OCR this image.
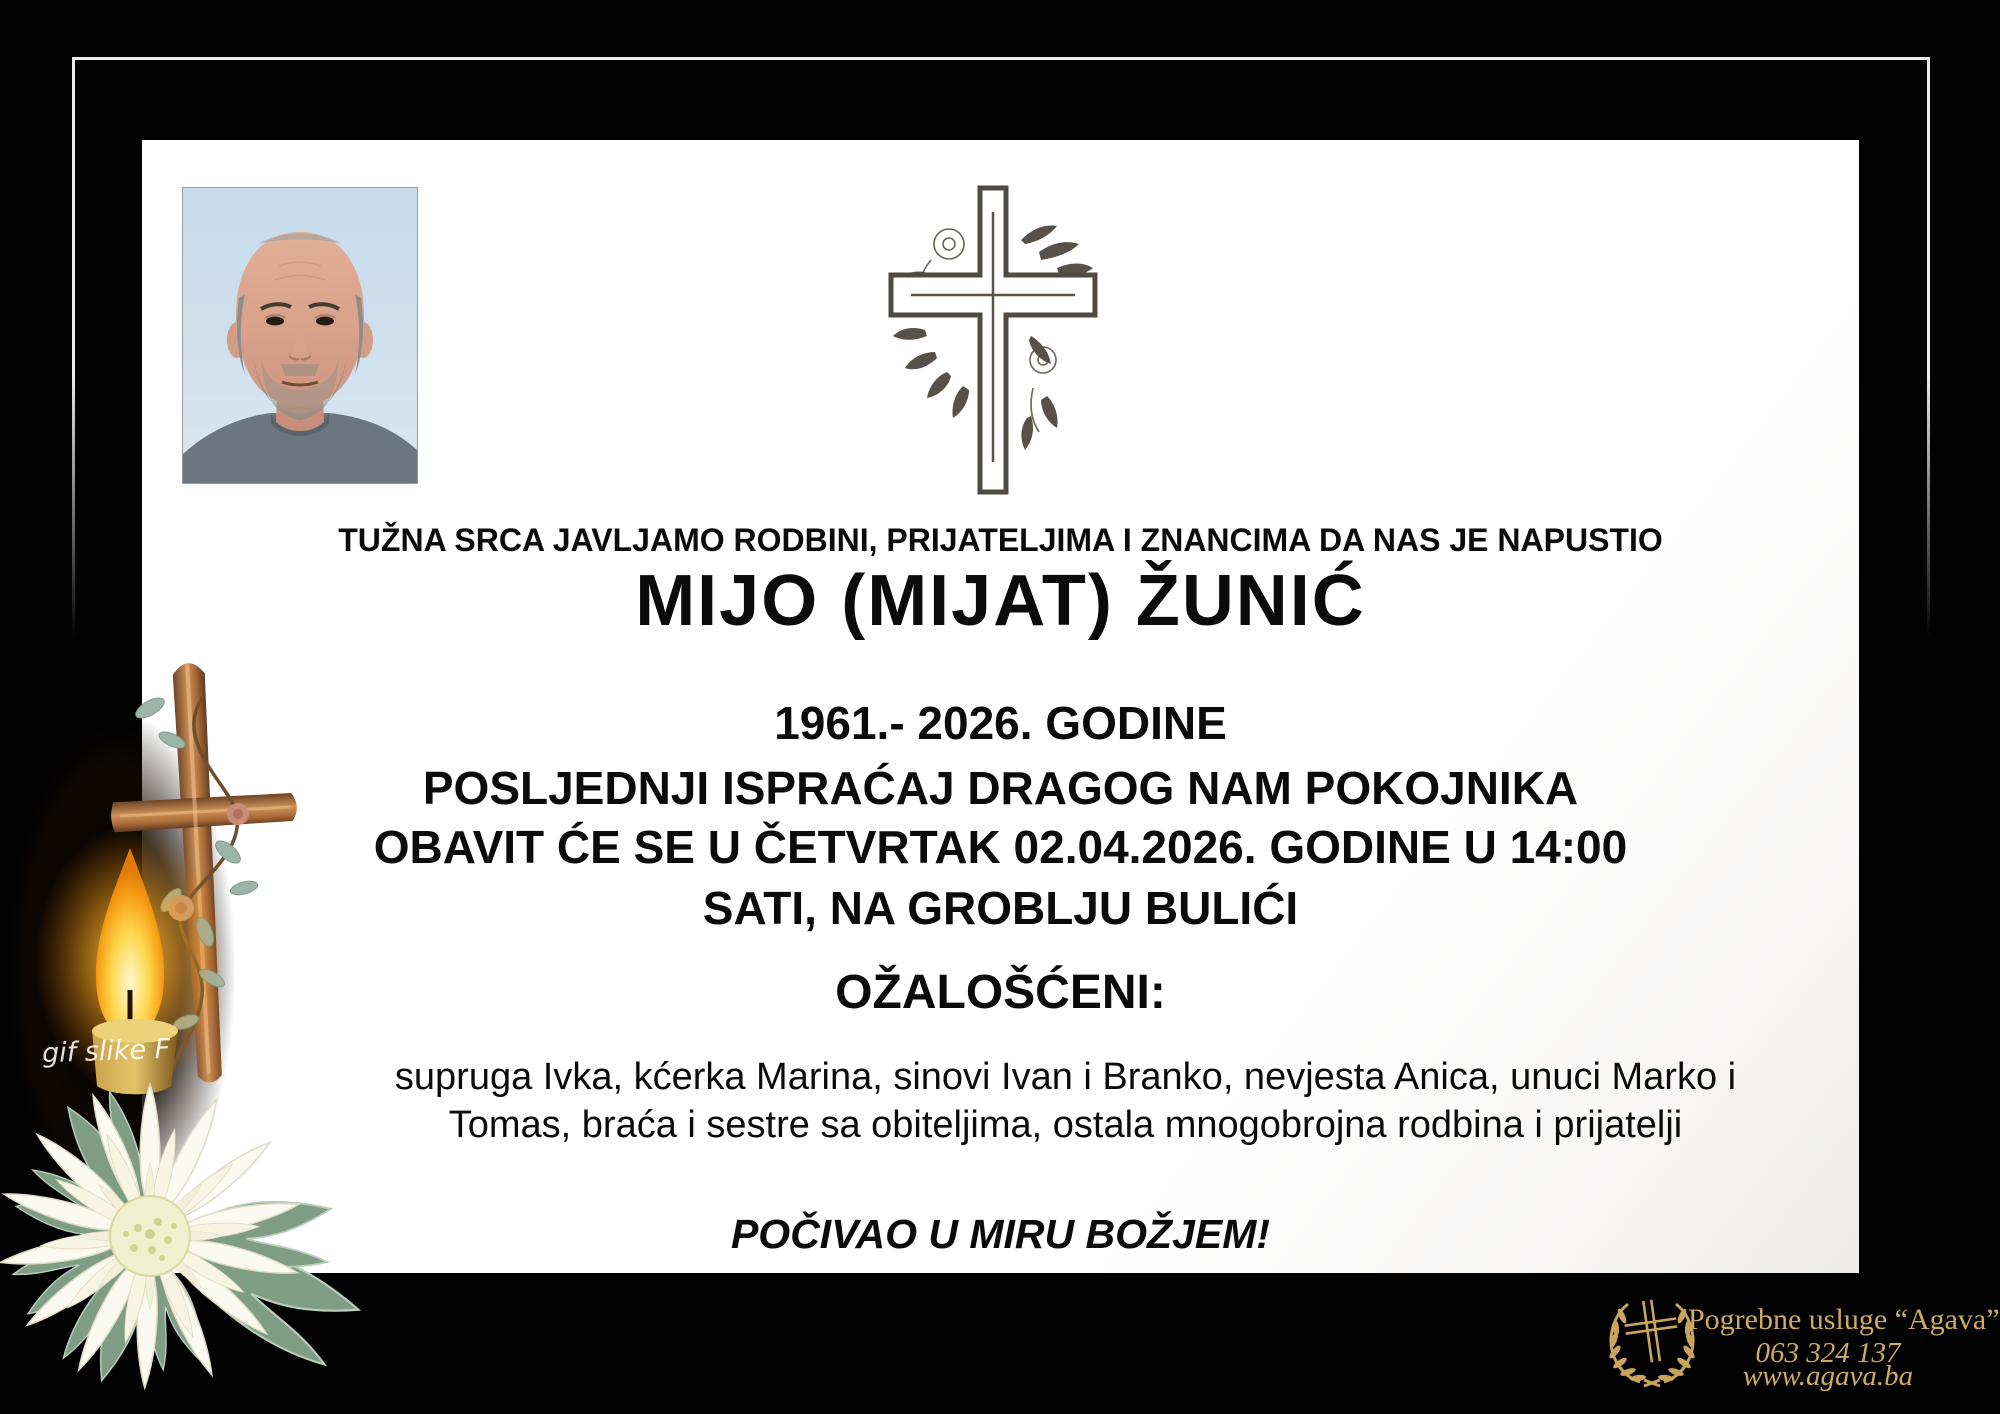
TUŽNA SRCA JAVLJAMO RODBINI, PRIJATELJIMA I ZNANCIMA DA NAS JE NAPUSTIO
MIJO (MIJAT) ŽUNIĆ
1961.- 2026. GODINE
POSLJEDNJI ISPRAĆAJ DRAGOG NAM POKOJNIKA
OBAVIT ĆE SE U ČETVRTAK 02.04.2026. GODINE U 14:00
SATI, NA GROBLJU BULIĆI
OŽALOŠĆENI:
supruga Ivka, kćerka Marina, sinovi Ivan i Branko, nevjesta Anica, unuci Marko i
Tomas, braća i sestre sa obiteljima, ostala mnogobrojna rodbina i prijatelji
POČIVAO U MIRU BOŽJEM!
gif slike F
Pogrebne usluge “Agava”
063 324 137
www.agava.ba
